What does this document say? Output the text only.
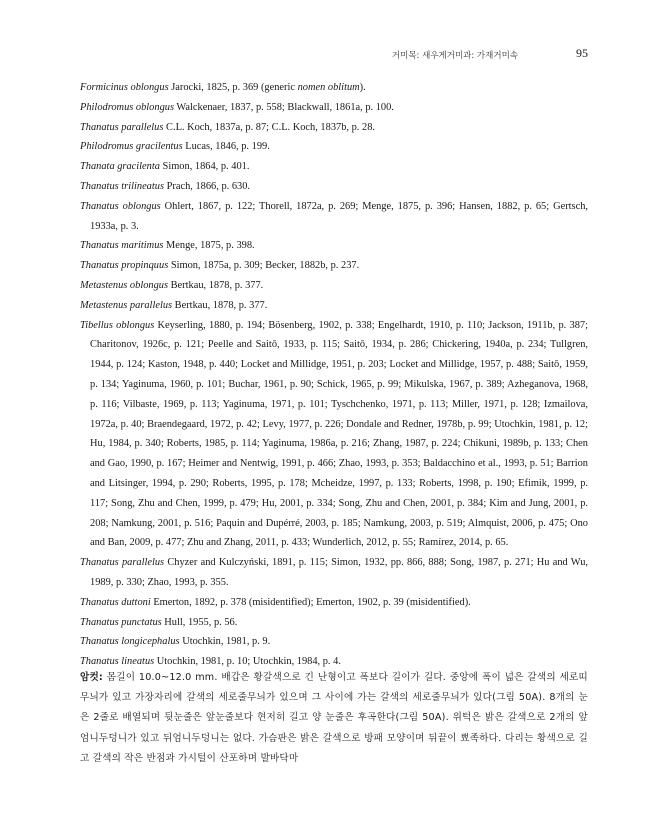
거미목: 새우게거미과: 가재거미속	95
Formicinus oblongus Jarocki, 1825, p. 369 (generic nomen oblitum).
Philodromus oblongus Walckenaer, 1837, p. 558; Blackwall, 1861a, p. 100.
Thanatus parallelus C.L. Koch, 1837a, p. 87; C.L. Koch, 1837b, p. 28.
Philodromus gracilentus Lucas, 1846, p. 199.
Thanata gracilenta Simon, 1864, p. 401.
Thanatus trilineatus Prach, 1866, p. 630.
Thanatus oblongus Ohlert, 1867, p. 122; Thorell, 1872a, p. 269; Menge, 1875, p. 396; Hansen, 1882, p. 65; Gertsch, 1933a, p. 3.
Thanatus maritimus Menge, 1875, p. 398.
Thanatus propinquus Simon, 1875a, p. 309; Becker, 1882b, p. 237.
Metastenus oblongus Bertkau, 1878, p. 377.
Metastenus parallelus Bertkau, 1878, p. 377.
Tibellus oblongus Keyserling, 1880, p. 194; Bösenberg, 1902, p. 338; Engelhardt, 1910, p. 110; Jackson, 1911b, p. 387; Charitonov, 1926c, p. 121; Peelle and Saitō, 1933, p. 115; Saitō, 1934, p. 286; Chickering, 1940a, p. 234; Tullgren, 1944, p. 124; Kaston, 1948, p. 440; Locket and Millidge, 1951, p. 203; Locket and Millidge, 1957, p. 488; Saitō, 1959, p. 134; Yaginuma, 1960, p. 101; Buchar, 1961, p. 90; Schick, 1965, p. 99; Mikulska, 1967, p. 389; Azheganova, 1968, p. 116; Vilbaste, 1969, p. 113; Yaginuma, 1971, p. 101; Tyschchenko, 1971, p. 113; Miller, 1971, p. 128; Izmailova, 1972a, p. 40; Braendegaard, 1972, p. 42; Levy, 1977, p. 226; Dondale and Redner, 1978b, p. 99; Utochkin, 1981, p. 12; Hu, 1984, p. 340; Roberts, 1985, p. 114; Yaginuma, 1986a, p. 216; Zhang, 1987, p. 224; Chikuni, 1989b, p. 133; Chen and Gao, 1990, p. 167; Heimer and Nentwig, 1991, p. 466; Zhao, 1993, p. 353; Baldacchino et al., 1993, p. 51; Barrion and Litsinger, 1994, p. 290; Roberts, 1995, p. 178; Mcheidze, 1997, p. 133; Roberts, 1998, p. 190; Efimik, 1999, p. 117; Song, Zhu and Chen, 1999, p. 479; Hu, 2001, p. 334; Song, Zhu and Chen, 2001, p. 384; Kim and Jung, 2001, p. 208; Namkung, 2001, p. 516; Paquin and Dupérré, 2003, p. 185; Namkung, 2003, p. 519; Almquist, 2006, p. 475; Ono and Ban, 2009, p. 477; Zhu and Zhang, 2011, p. 433; Wunderlich, 2012, p. 55; Ramírez, 2014, p. 65.
Thanatus parallelus Chyzer and Kulczyński, 1891, p. 115; Simon, 1932, pp. 866, 888; Song, 1987, p. 271; Hu and Wu, 1989, p. 330; Zhao, 1993, p. 355.
Thanatus duttoni Emerton, 1892, p. 378 (misidentified); Emerton, 1902, p. 39 (misidentified).
Thanatus punctatus Hull, 1955, p. 56.
Thanatus longicephalus Utochkin, 1981, p. 9.
Thanatus lineatus Utochkin, 1981, p. 10; Utochkin, 1984, p. 4.
암컷: 몸길이 10.0~12.0 mm. 배갑은 황갈색으로 긴 난형이고 폭보다 길이가 길다. 중앙에 폭이 넓은 갈색의 세로띠무늬가 있고 가장자리에 갈색의 세로줄무늬가 있으며 그 사이에 가는 갈색의 세로줄무늬가 있다(그림 50A). 8개의 눈은 2줄로 배열되며 뒷눈줄은 앞눈줄보다 현저히 길고 양 눈줄은 후곡한다(그림 50A). 위턱은 밝은 갈색으로 2개의 앞엄니두덩니가 있고 뒤엄니두덩니는 없다. 가슴판은 밝은 갈색으로 방패 모양이며 뒤끝이 뾰족하다. 다리는 황색으로 길고 갈색의 작은 반점과 가시털이 산포하며 발바닥마
